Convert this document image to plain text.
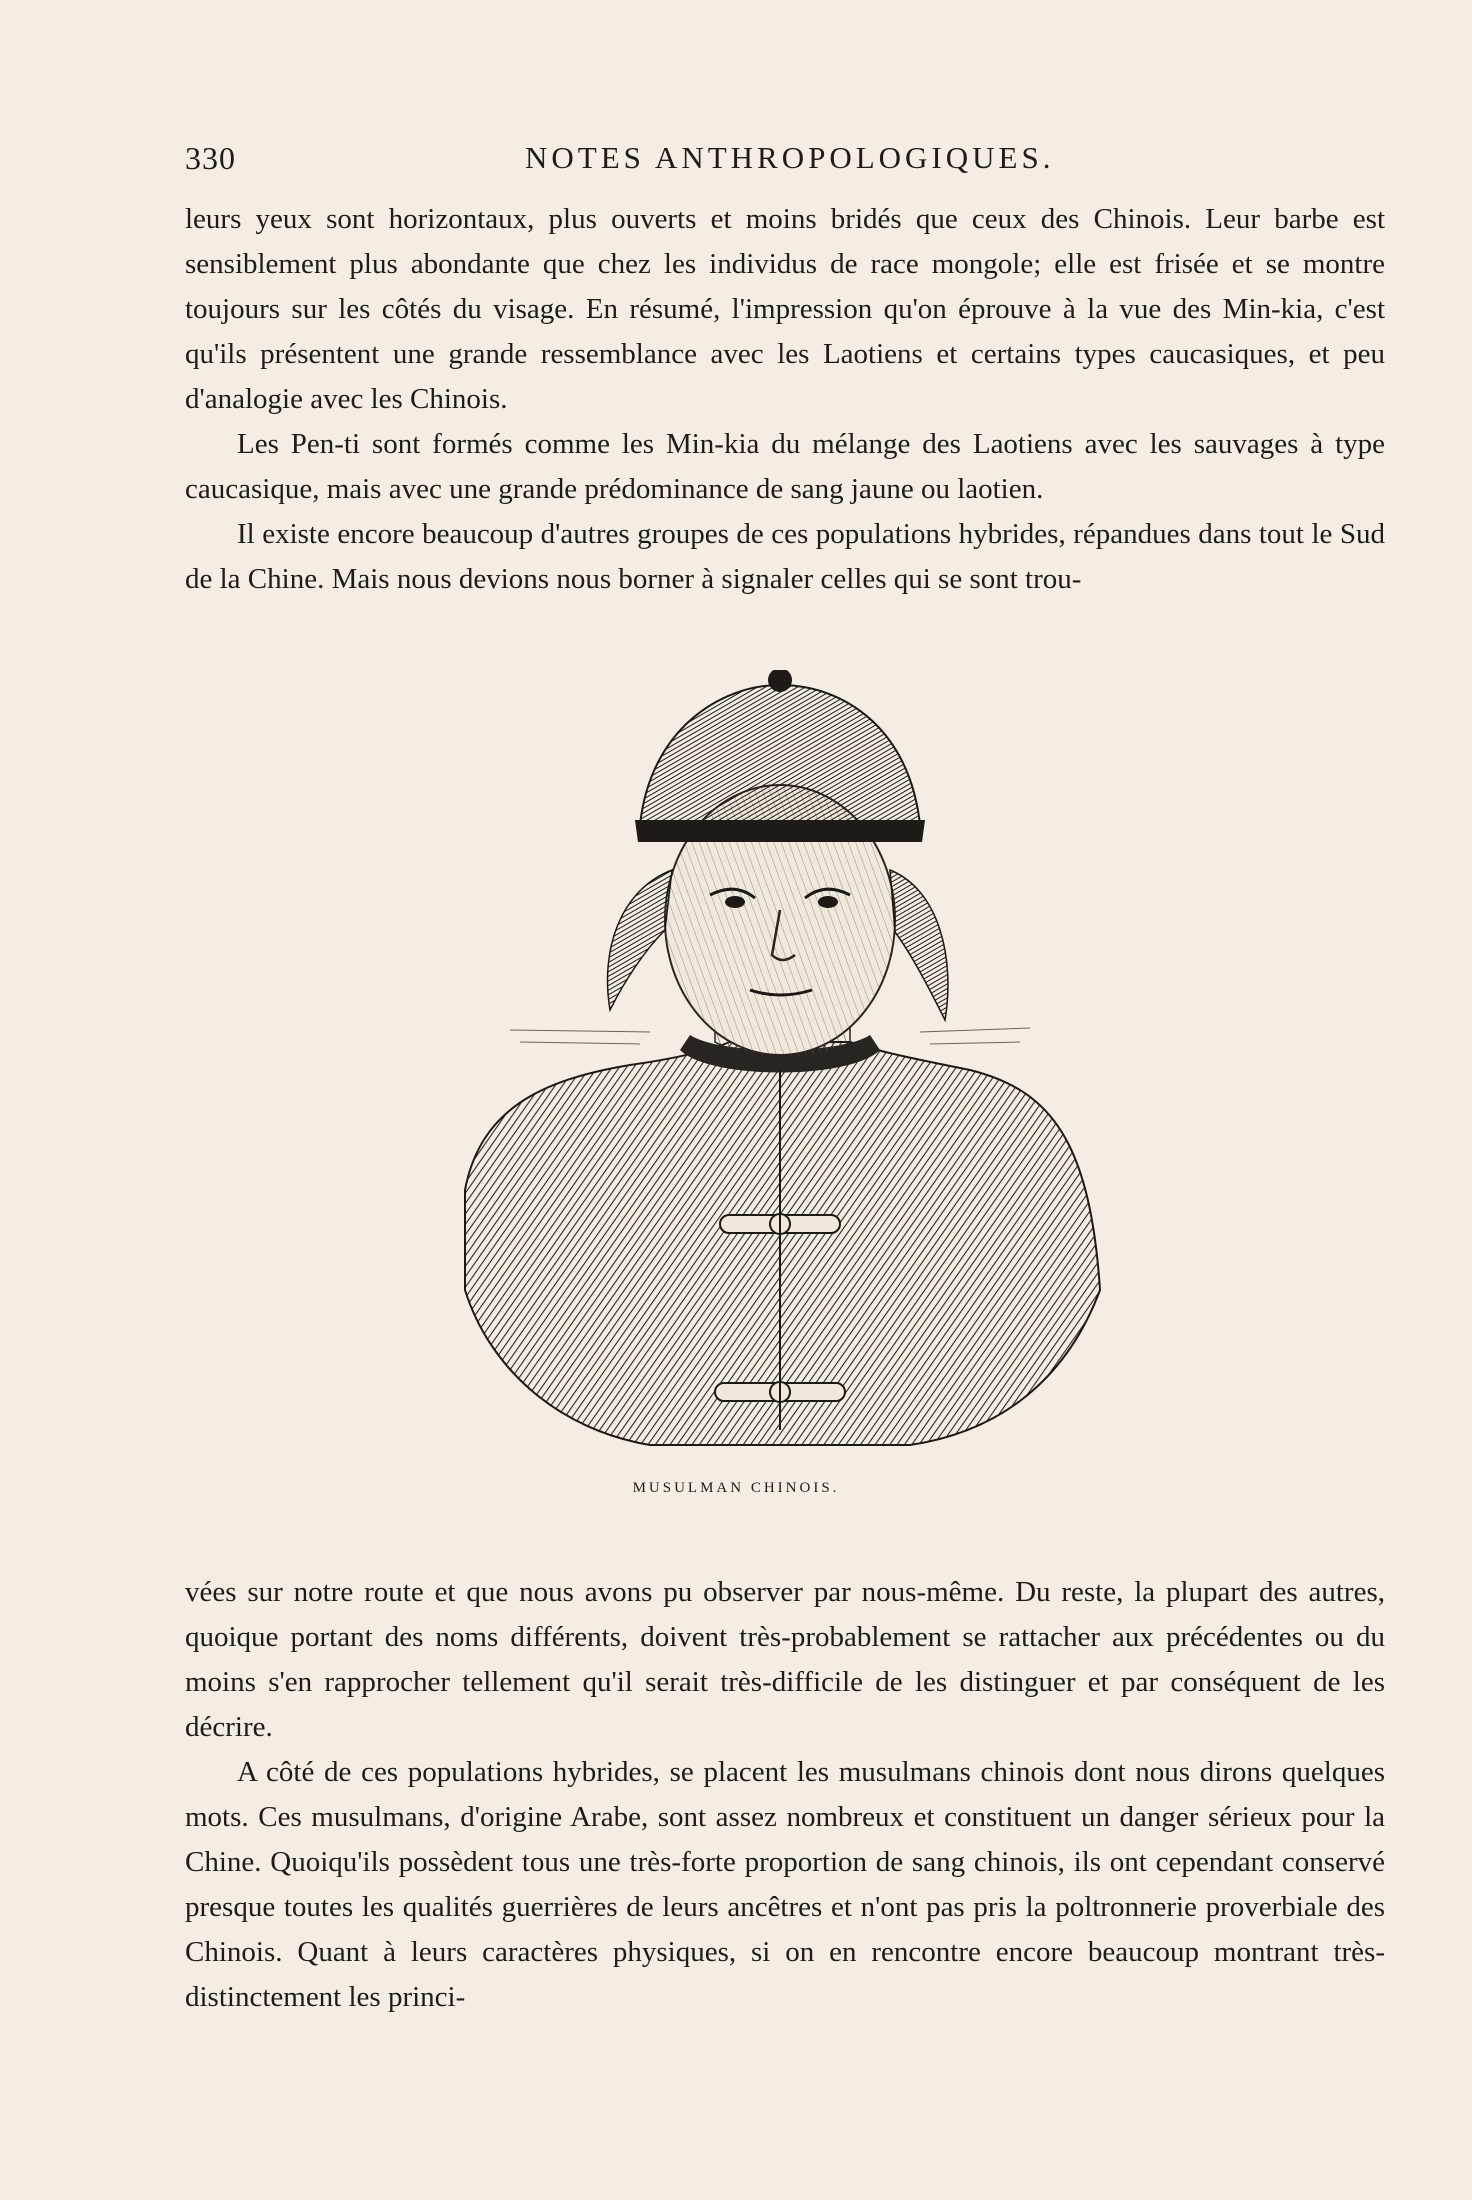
330	NOTES ANTHROPOLOGIQUES.

leurs yeux sont horizontaux, plus ouverts et moins bridés que ceux des Chinois. Leur barbe est sensiblement plus abondante que chez les individus de race mongole; elle est frisée et se montre toujours sur les côtés du visage. En résumé, l'impression qu'on éprouve à la vue des Min-kia, c'est qu'ils présentent une grande ressemblance avec les Laotiens et certains types caucasiques, et peu d'analogie avec les Chinois.

Les Pen-ti sont formés comme les Min-kia du mélange des Laotiens avec les sauvages à type caucasique, mais avec une grande prédominance de sang jaune ou laotien.

Il existe encore beaucoup d'autres groupes de ces populations hybrides, répandues dans tout le Sud de la Chine. Mais nous devions nous borner à signaler celles qui se sont trou-

MUSULMAN CHINOIS.

vées sur notre route et que nous avons pu observer par nous-même. Du reste, la plupart des autres, quoique portant des noms différents, doivent très-probablement se rattacher aux précédentes ou du moins s'en rapprocher tellement qu'il serait très-difficile de les distinguer et par conséquent de les décrire.

A côté de ces populations hybrides, se placent les musulmans chinois dont nous dirons quelques mots. Ces musulmans, d'origine Arabe, sont assez nombreux et constituent un danger sérieux pour la Chine. Quoiqu'ils possèdent tous une très-forte proportion de sang chinois, ils ont cependant conservé presque toutes les qualités guerrières de leurs ancêtres et n'ont pas pris la poltronnerie proverbiale des Chinois. Quant à leurs caractères physiques, si on en rencontre encore beaucoup montrant très-distinctement les princi-
